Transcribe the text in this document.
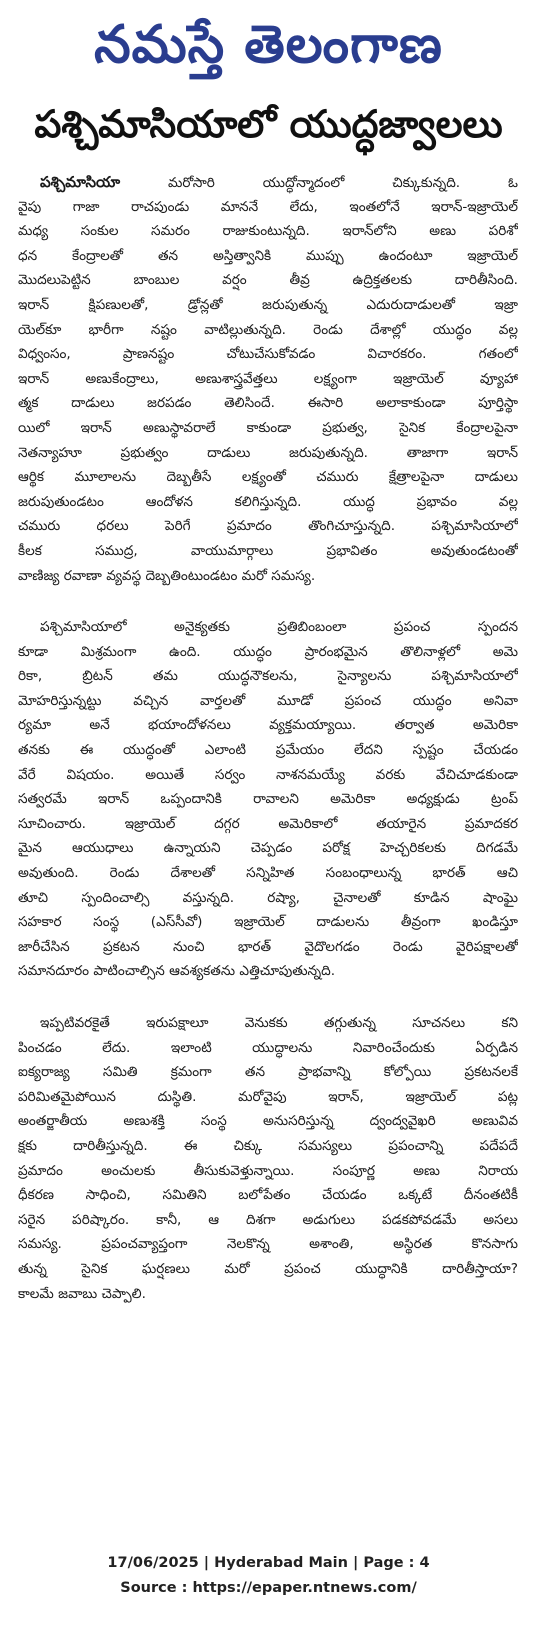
నమస్తే తెలంగాణ
పశ్చిమాసియాలో యుద్ధజ్వాలలు
పశ్చిమాసియా మరోసారి యుద్ధోన్మాదంలో చిక్కుకున్నది. ఓ
వైపు గాజా రాచపుండు మాననే లేదు, ఇంతలోనే ఇరాన్‌-ఇజ్రాయెల్‌
మధ్య సంకుల సమరం రాజుకుంటున్నది. ఇరాన్‌లోని అణు పరిశో
ధన కేంద్రాలతో తన అస్తిత్వానికి ముప్పు ఉందంటూ ఇజ్రాయెల్‌
మొదలుపెట్టిన బాంబుల వర్షం తీవ్ర ఉద్రిక్తతలకు దారితీసింది.
ఇరాన్‌ క్షిపణులతో, డ్రోన్లతో జరుపుతున్న ఎదురుదాడులతో ఇజ్రా
యెల్‌కూ భారీగా నష్టం వాటిల్లుతున్నది. రెండు దేశాల్లో యుద్ధం వల్ల
విధ్వంసం, ప్రాణనష్టం చోటుచేసుకోవడం విచారకరం. గతంలో
ఇరాన్‌ అణుకేంద్రాలు, అణుశాస్త్రవేత్తలు లక్ష్యంగా ఇజ్రాయెల్‌ వ్యూహా
త్మక దాడులు జరపడం తెలిసిందే. ఈసారి అలాకాకుండా పూర్తిస్థా
యిలో ఇరాన్‌ అణుస్థావరాలే కాకుండా ప్రభుత్వ, సైనిక కేంద్రాలపైనా
నెతన్యాహూ ప్రభుత్వం దాడులు జరుపుతున్నది. తాజాగా ఇరాన్‌
ఆర్థిక మూలాలను దెబ్బతీసే లక్ష్యంతో చమురు క్షేత్రాలపైనా దాడులు
జరుపుతుండటం ఆందోళన కలిగిస్తున్నది. యుద్ధ ప్రభావం వల్ల
చమురు ధరలు పెరిగే ప్రమాదం తొంగిచూస్తున్నది. పశ్చిమాసియాలో
కీలక సముద్ర, వాయుమార్గాలు ప్రభావితం అవుతుండటంతో
వాణిజ్య రవాణా వ్యవస్థ దెబ్బతింటుండటం మరో సమస్య.
పశ్చిమాసియాలో అనైక్యతకు ప్రతిబింబంలా ప్రపంచ స్పందన
కూడా మిశ్రమంగా ఉంది. యుద్ధం ప్రారంభమైన తొలినాళ్లలో అమె
రికా, బ్రిటన్‌ తమ యుద్ధనౌకలను, సైన్యాలను పశ్చిమాసియాలో
మోహరిస్తున్నట్టు వచ్చిన వార్తలతో మూడో ప్రపంచ యుద్ధం అనివా
ర్యమా అనే భయాందోళనలు వ్యక్తమయ్యాయి. తర్వాత అమెరికా
తనకు ఈ యుద్ధంతో ఎలాంటి ప్రమేయం లేదని స్పష్టం చేయడం
వేరే విషయం. అయితే సర్వం నాశనమయ్యే వరకు వేచిచూడకుండా
సత్వరమే ఇరాన్‌ ఒప్పందానికి రావాలని అమెరికా అధ్యక్షుడు ట్రంప్‌
సూచించారు. ఇజ్రాయెల్‌ దగ్గర అమెరికాలో తయారైన ప్రమాదకర
మైన ఆయుధాలు ఉన్నాయని చెప్పడం పరోక్ష హెచ్చరికలకు దిగడమే
అవుతుంది. రెండు దేశాలతో సన్నిహిత సంబంధాలున్న భారత్‌ ఆచి
తూచి స్పందించాల్సి వస్తున్నది. రష్యా, చైనాలతో కూడిన షాంఘై
సహకార సంస్థ (ఎస్‌సీవో) ఇజ్రాయెల్‌ దాడులను తీవ్రంగా ఖండిస్తూ
జారీచేసిన ప్రకటన నుంచి భారత్‌ వైదొలగడం రెండు వైరిపక్షాలతో
సమానదూరం పాటించాల్సిన ఆవశ్యకతను ఎత్తిచూపుతున్నది.
ఇప్పటివరకైతే ఇరుపక్షాలూ వెనుకకు తగ్గుతున్న సూచనలు కని
పించడం లేదు. ఇలాంటి యుద్ధాలను నివారించేందుకు ఏర్పడిన
ఐక్యరాజ్య సమితి క్రమంగా తన ప్రాభవాన్ని కోల్పోయి ప్రకటనలకే
పరిమితమైపోయిన దుస్థితి. మరోవైపు ఇరాన్‌, ఇజ్రాయెల్‌ పట్ల
అంతర్జాతీయ అణుశక్తి సంస్థ అనుసరిస్తున్న ద్వంద్వవైఖరి అణువివ
క్షకు దారితీస్తున్నది. ఈ చిక్కు సమస్యలు ప్రపంచాన్ని పదేపదే
ప్రమాదం అంచులకు తీసుకువెళ్తున్నాయి. సంపూర్ణ అణు నిరాయ
ధీకరణ సాధించి, సమితిని బలోపేతం చేయడం ఒక్కటే దీనంతటికీ
సరైన పరిష్కారం. కానీ, ఆ దిశగా అడుగులు పడకపోవడమే అసలు
సమస్య. ప్రపంచవ్యాప్తంగా నెలకొన్న అశాంతి, అస్థిరత కొనసాగు
తున్న సైనిక ఘర్షణలు మరో ప్రపంచ యుద్ధానికి దారితీస్తాయా?
కాలమే జవాబు చెప్పాలి.
17/06/2025 | Hyderabad Main | Page : 4
Source : https://epaper.ntnews.com/
